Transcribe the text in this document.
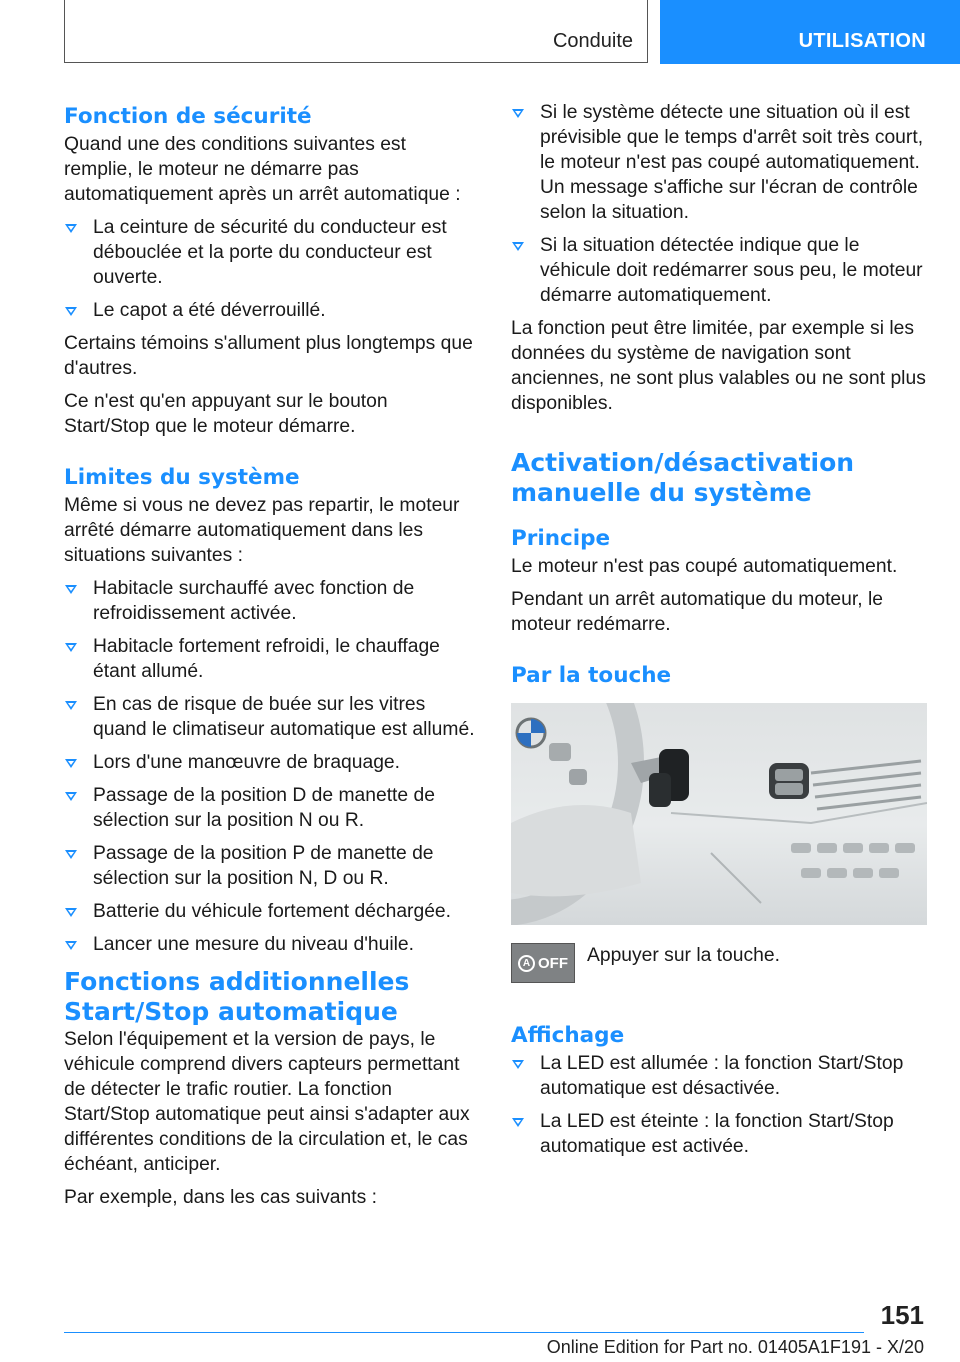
Conduite	UTILISATION
Fonction de sécurité

Quand une des conditions suivantes est remplie, le moteur ne démarre pas automatiquement après un arrêt automatique :

La ceinture de sécurité du conducteur est débouclée et la porte du conducteur est ouverte.
Le capot a été déverrouillé.

Certains témoins s'allument plus longtemps que d'autres.

Ce n'est qu'en appuyant sur le bouton Start/Stop que le moteur démarre.

Limites du système

Même si vous ne devez pas repartir, le moteur arrêté démarre automatiquement dans les situations suivantes :

Habitacle surchauffé avec fonction de refroidissement activée.
Habitacle fortement refroidi, le chauffage étant allumé.
En cas de risque de buée sur les vitres quand le climatiseur automatique est allumé.
Lors d'une manœuvre de braquage.
Passage de la position D de manette de sélection sur la position N ou R.
Passage de la position P de manette de sélection sur la position N, D ou R.
Batterie du véhicule fortement déchargée.
Lancer une mesure du niveau d'huile.
Fonctions additionnelles Start/Stop automatique

Selon l'équipement et la version de pays, le véhicule comprend divers capteurs permettant de détecter le trafic routier. La fonction Start/Stop automatique peut ainsi s'adapter aux différentes conditions de la circulation et, le cas échéant, anticiper.

Par exemple, dans les cas suivants :

Si le système détecte une situation où il est prévisible que le temps d'arrêt soit très court, le moteur n'est pas coupé automatiquement. Un message s'affiche sur l'écran de contrôle selon la situation.
Si la situation détectée indique que le véhicule doit redémarrer sous peu, le moteur démarre automatiquement.

La fonction peut être limitée, par exemple si les données du système de navigation sont anciennes, ne sont plus valables ou ne sont plus disponibles.

Activation/désactivation manuelle du système
Principe

Le moteur n'est pas coupé automatiquement.

Pendant un arrêt automatique du moteur, le moteur redémarre.

Par la touche
A OFF Appuyer sur la touche.
Affichage
La LED est allumée : la fonction Start/Stop automatique est désactivée.
La LED est éteinte : la fonction Start/Stop automatique est activée.
151
Online Edition for Part no. 01405A1F191 - X/20
